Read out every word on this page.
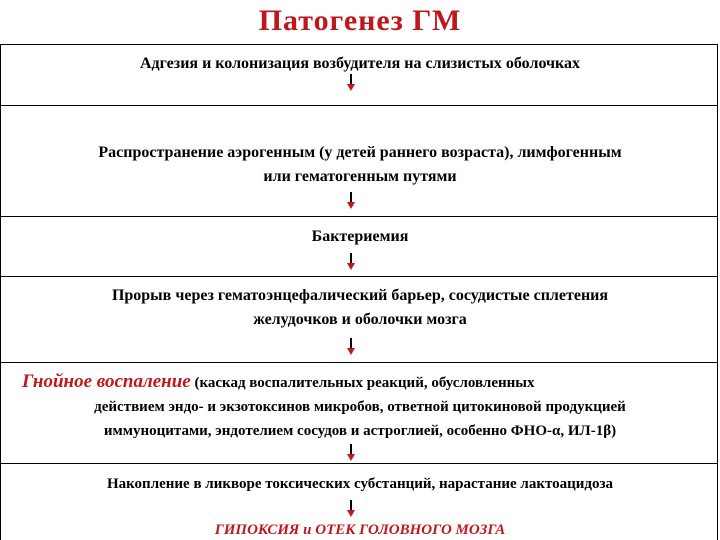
Патогенез ГМ
Адгезия и колонизация возбудителя на слизистых оболочках
Распространение аэрогенным (у детей раннего возраста), лимфогенным
или гематогенным путями
Бактериемия
Прорыв через гематоэнцефалический барьер, сосудистые сплетения
желудочков и оболочки мозга
Гнойное воспаление (каскад воспалительных реакций, обусловленных
действием эндо- и экзотоксинов микробов, ответной цитокиновой продукцией
иммуноцитами, эндотелием сосудов и астроглией, особенно ФНО-α, ИЛ-1β)
Накопление в ликворе токсических субстанций, нарастание лактоацидоза
ГИПОКСИЯ и ОТЕК ГОЛОВНОГО МОЗГА
